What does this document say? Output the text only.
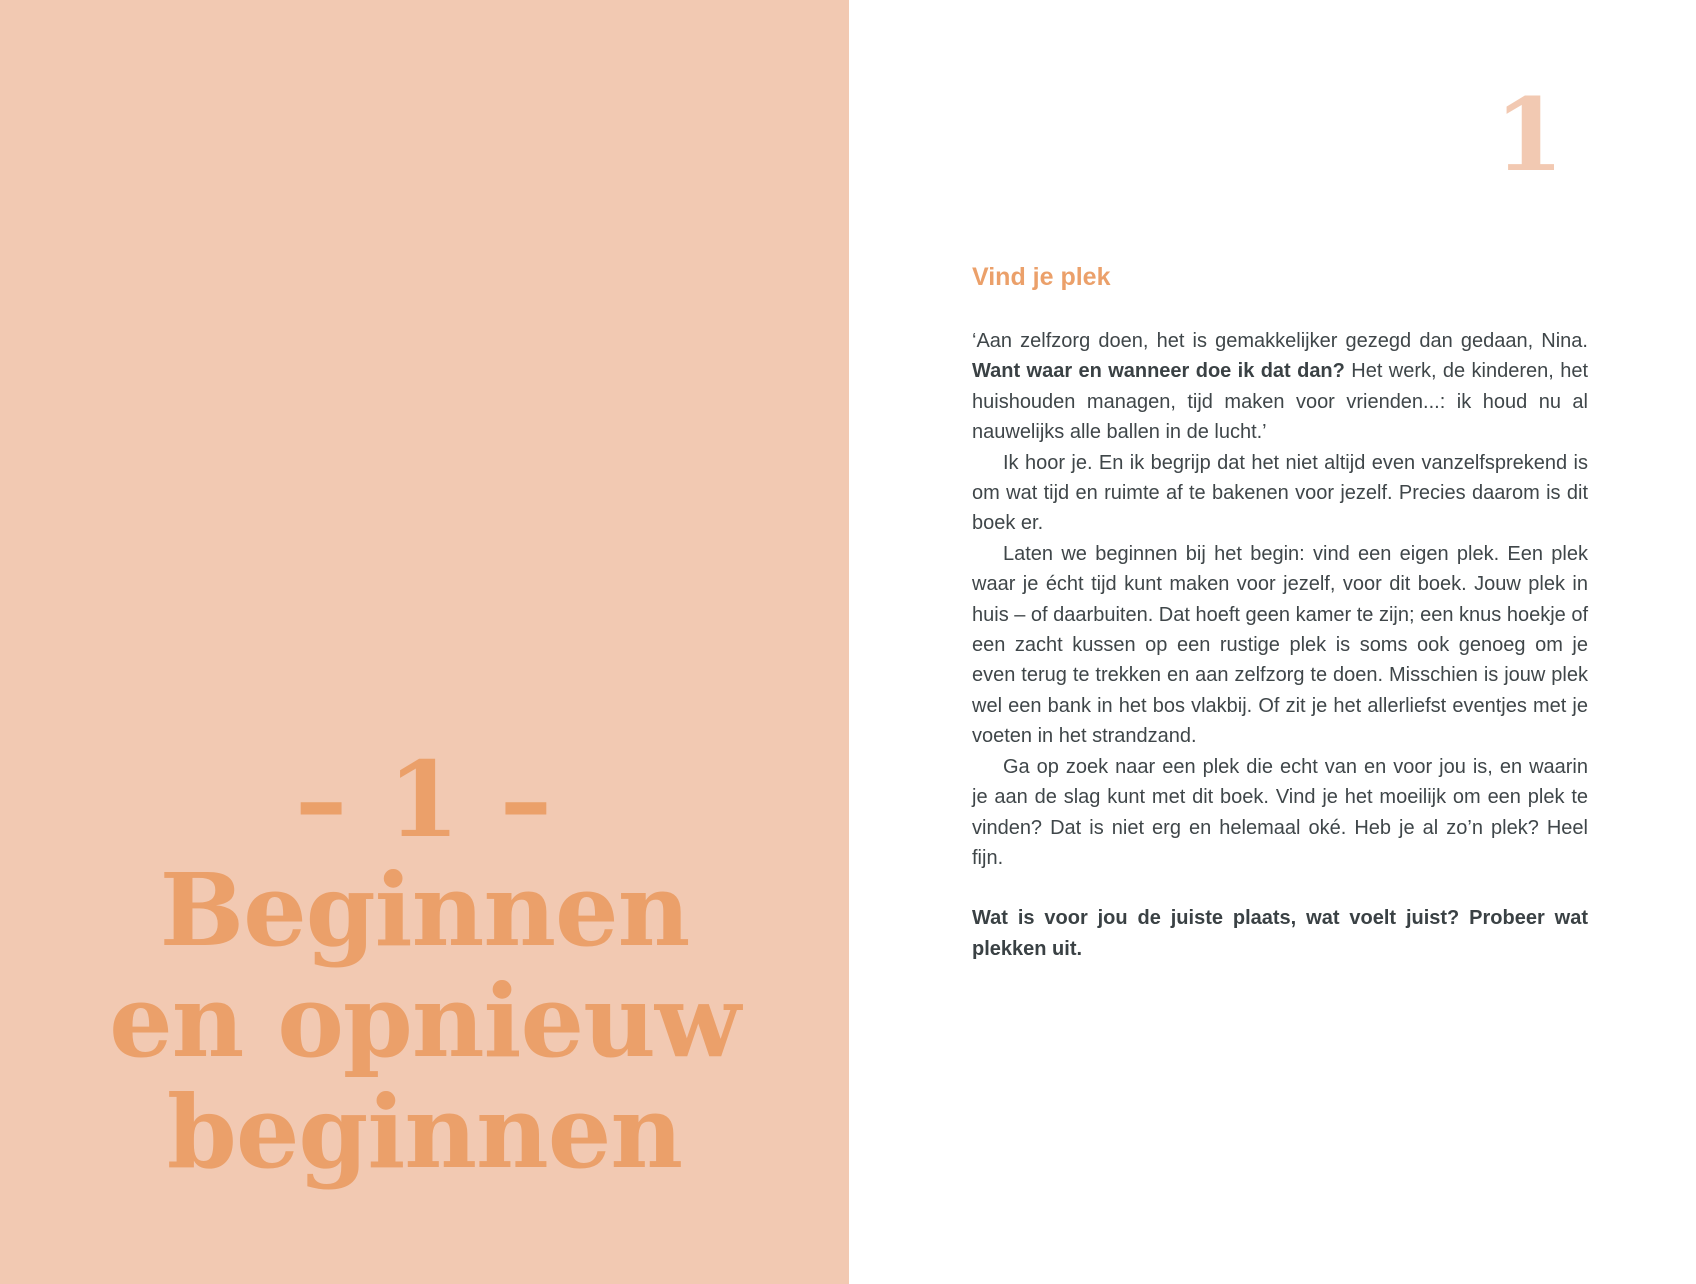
– 1 –
Beginnen
en opnieuw
beginnen
1
Vind je plek

‘Aan zelfzorg doen, het is gemakkelijker gezegd dan gedaan, Nina. Want waar en wanneer doe ik dat dan? Het werk, de kinderen, het huishouden managen, tijd maken voor vrienden...: ik houd nu al nauwelijks alle ballen in de lucht.’

Ik hoor je. En ik begrijp dat het niet altijd even vanzelfsprekend is om wat tijd en ruimte af te bakenen voor jezelf. Precies daarom is dit boek er.

Laten we beginnen bij het begin: vind een eigen plek. Een plek waar je écht tijd kunt maken voor jezelf, voor dit boek. Jouw plek in huis – of daarbuiten. Dat hoeft geen kamer te zijn; een knus hoekje of een zacht kussen op een rustige plek is soms ook genoeg om je even terug te trekken en aan zelfzorg te doen. Misschien is jouw plek wel een bank in het bos vlakbij. Of zit je het allerliefst eventjes met je voeten in het strandzand.

Ga op zoek naar een plek die echt van en voor jou is, en waarin je aan de slag kunt met dit boek. Vind je het moeilijk om een plek te vinden? Dat is niet erg en helemaal oké. Heb je al zo’n plek? Heel fijn.

Wat is voor jou de juiste plaats, wat voelt juist? Probeer wat plekken uit.
